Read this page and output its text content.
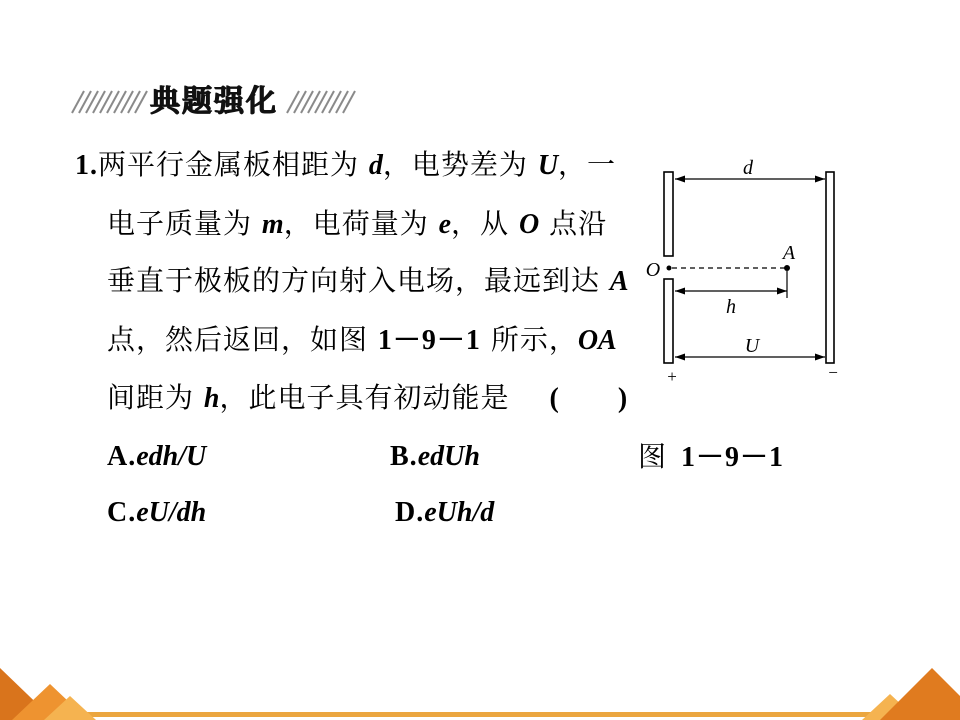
典题强化
1. 两平行金属板相距为 d ，电势差为 U ，一
电子质量为 m ，电荷量为 e ，从 O 点沿
垂直于极板的方向射入电场，最远到达 A
点，然后返回，如图 1－9－1 所示， OA
间距为 h ，此电子具有初动能是 (　　)
A. edh/U	B. edUh
C. eU/dh	D. eUh/d
图 1－9－1
d
O
A
h
U
+	−
